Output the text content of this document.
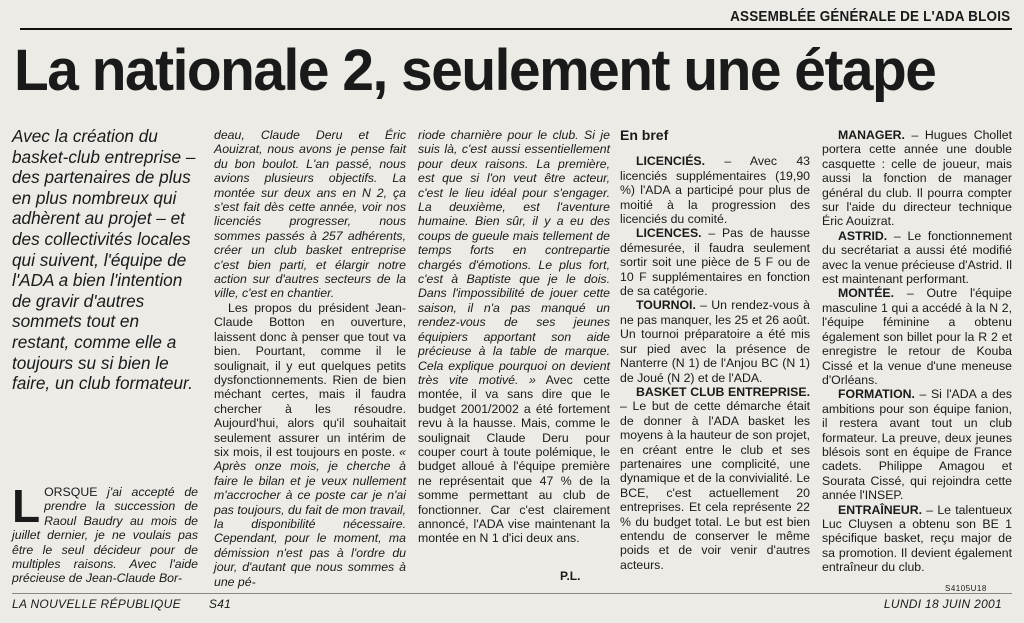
ASSEMBLÉE GÉNÉRALE DE L'ADA BLOIS
La nationale 2, seulement une étape

Avec la création du basket-club entreprise – des partenaires de plus en plus nombreux qui adhèrent au projet – et des collectivités locales qui suivent, l'équipe de l'ADA a bien l'intention de gravir d'autres sommets tout en restant, comme elle a toujours su si bien le faire, un club formateur.

LORSQUE j'ai accepté de prendre la succession de Raoul Baudry au mois de juillet dernier, je ne voulais pas être le seul décideur pour de multiples raisons. Avec l'aide précieuse de Jean-Claude Bor-

deau, Claude Deru et Éric Aouizrat, nous avons je pense fait du bon boulot. L'an passé, nous avions plusieurs objectifs. La montée sur deux ans en N 2, ça s'est fait dès cette année, voir nos licenciés progresser, nous sommes passés à 257 adhérents, créer un club basket entreprise c'est bien parti, et élargir notre action sur d'autres secteurs de la ville, c'est en chantier.

Les propos du président Jean-Claude Botton en ouverture, laissent donc à penser que tout va bien. Pourtant, comme il le soulignait, il y eut quelques petits dysfonctionnements. Rien de bien méchant certes, mais il faudra chercher à les résoudre. Aujourd'hui, alors qu'il souhaitait seulement assurer un intérim de six mois, il est toujours en poste. « Après onze mois, je cherche à faire le bilan et je veux nullement m'accrocher à ce poste car je n'ai pas toujours, du fait de mon travail, la disponibilité nécessaire. Cependant, pour le moment, ma démission n'est pas à l'ordre du jour, d'autant que nous sommes à une pé-

riode charnière pour le club. Si je suis là, c'est aussi essentiellement pour deux raisons. La première, est que si l'on veut être acteur, c'est le lieu idéal pour s'engager. La deuxième, est l'aventure humaine. Bien sûr, il y a eu des coups de gueule mais tellement de temps forts en contrepartie chargés d'émotions. Le plus fort, c'est à Baptiste que je le dois. Dans l'impossibilité de jouer cette saison, il n'a pas manqué un rendez-vous de ses jeunes équipiers apportant son aide précieuse à la table de marque. Cela explique pourquoi on devient très vite motivé. » Avec cette montée, il va sans dire que le budget 2001/2002 a été fortement revu à la hausse. Mais, comme le soulignait Claude Deru pour couper court à toute polémique, le budget alloué à l'équipe première ne représentait que 47 % de la somme permettant au club de fonctionner. Car c'est clairement annoncé, l'ADA vise maintenant la montée en N 1 d'ici deux ans.

En bref

LICENCIÉS. – Avec 43 licenciés supplémentaires (19,90 %) l'ADA a participé pour plus de moitié à la progression des licenciés du comité.

LICENCES. – Pas de hausse démesurée, il faudra seulement sortir soit une pièce de 5 F ou de 10 F supplémentaires en fonction de sa catégorie.

TOURNOI. – Un rendez-vous à ne pas manquer, les 25 et 26 août. Un tournoi préparatoire a été mis sur pied avec la présence de Nanterre (N 1) de l'Anjou BC (N 1) de Joué (N 2) et de l'ADA.

BASKET CLUB ENTREPRISE. – Le but de cette démarche était de donner à l'ADA basket les moyens à la hauteur de son projet, en créant entre le club et ses partenaires une complicité, une dynamique et de la convivialité. Le BCE, c'est actuellement 20 entreprises. Et cela représente 22 % du budget total. Le but est bien entendu de conserver le même poids et de voir venir d'autres acteurs.

MANAGER. – Hugues Chollet portera cette année une double casquette : celle de joueur, mais aussi la fonction de manager général du club. Il pourra compter sur l'aide du directeur technique Éric Aouizrat.

ASTRID. – Le fonctionnement du secrétariat a aussi été modifié avec la venue précieuse d'Astrid. Il est maintenant performant.

MONTÉE. – Outre l'équipe masculine 1 qui a accédé à la N 2, l'équipe féminine a obtenu également son billet pour la R 2 et enregistre le retour de Kouba Cissé et la venue d'une meneuse d'Orléans.

FORMATION. – Si l'ADA a des ambitions pour son équipe fanion, il restera avant tout un club formateur. La preuve, deux jeunes blésois sont en équipe de France cadets. Philippe Amagou et Sourata Cissé, qui rejoindra cette année l'INSEP.

ENTRAÎNEUR. – Le talentueux Luc Cluysen a obtenu son BE 1 spécifique basket, reçu major de sa promotion. Il devient également entraîneur du club.

P.L.
S4105U18
LA NOUVELLE RÉPUBLIQUE S41	LUNDI 18 JUIN 2001
